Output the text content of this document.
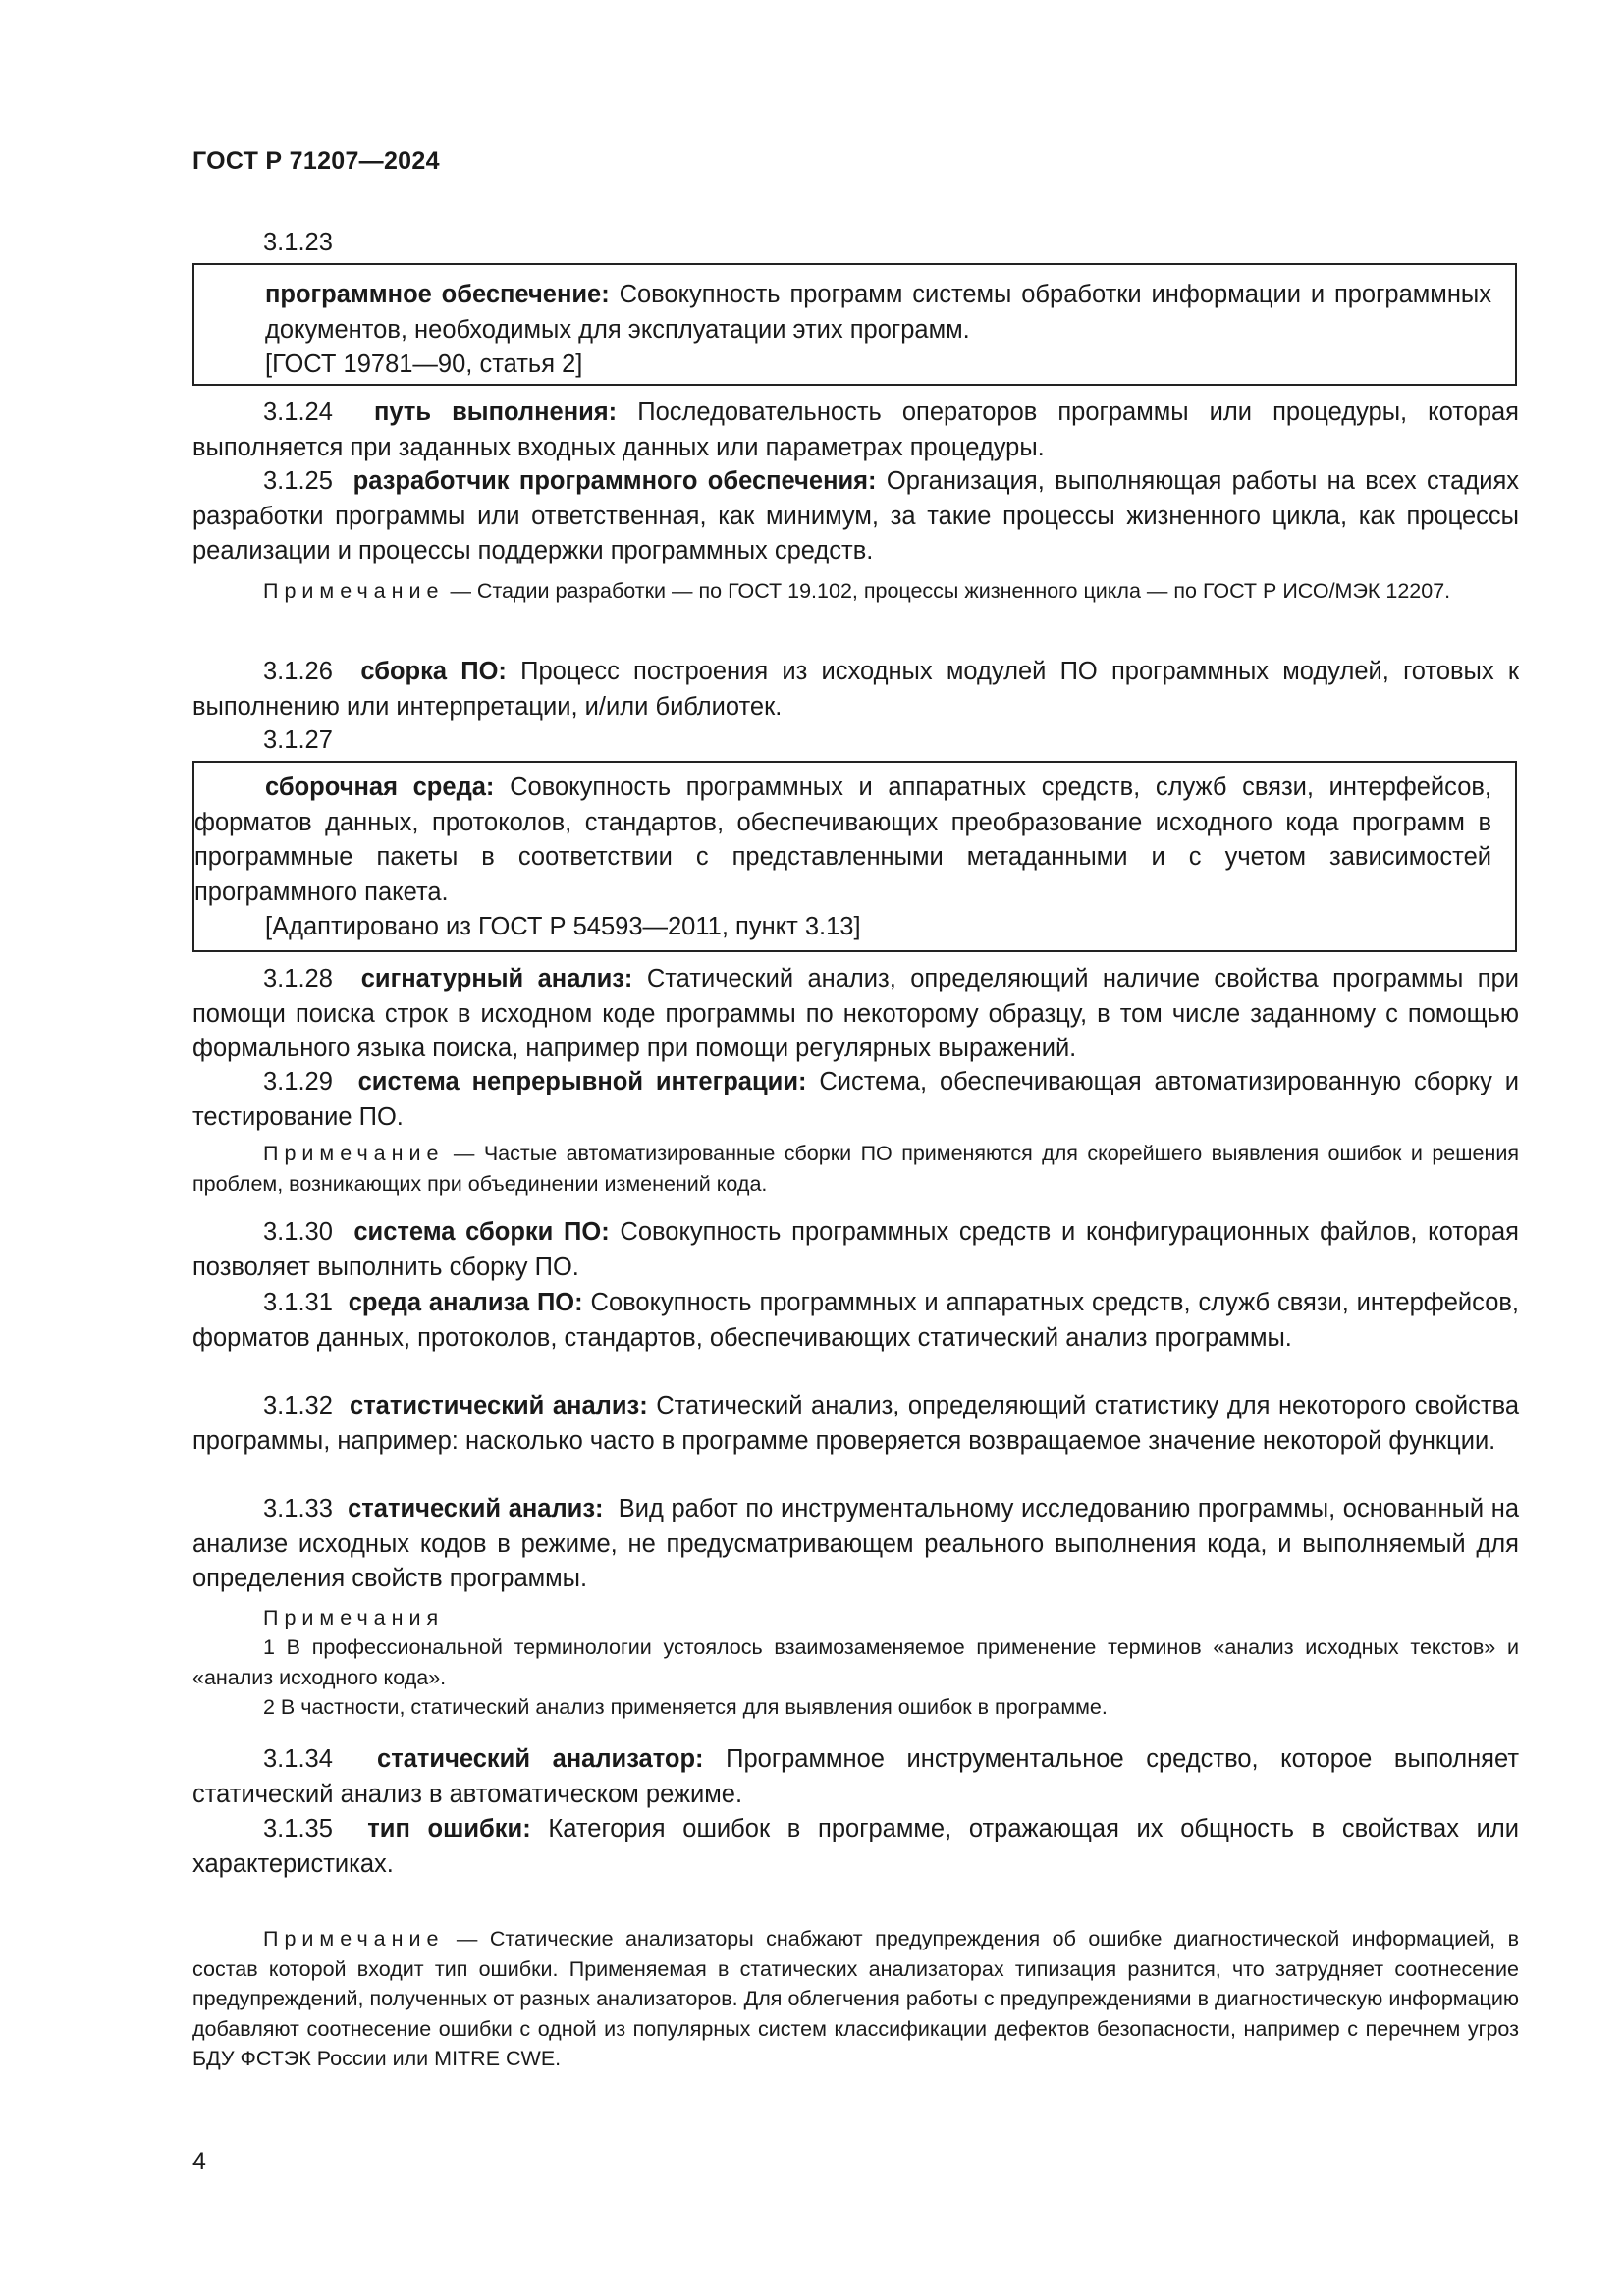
ГОСТ Р 71207—2024
3.1.23
программное обеспечение: Совокупность программ системы обработки информации и программных документов, необходимых для эксплуатации этих программ.
[ГОСТ 19781—90, статья 2]
3.1.24 путь выполнения: Последовательность операторов программы или процедуры, которая выполняется при заданных входных данных или параметрах процедуры.
3.1.25 разработчик программного обеспечения: Организация, выполняющая работы на всех стадиях разработки программы или ответственная, как минимум, за такие процессы жизненного цикла, как процессы реализации и процессы поддержки программных средств.
Примечание — Стадии разработки — по ГОСТ 19.102, процессы жизненного цикла — по ГОСТ Р ИСО/МЭК 12207.
3.1.26 сборка ПО: Процесс построения из исходных модулей ПО программных модулей, готовых к выполнению или интерпретации, и/или библиотек.
3.1.27
сборочная среда: Совокупность программных и аппаратных средств, служб связи, интерфейсов, форматов данных, протоколов, стандартов, обеспечивающих преобразование исходного кода программ в программные пакеты в соответствии с представленными метаданными и с учетом зависимостей программного пакета.
[Адаптировано из ГОСТ Р 54593—2011, пункт 3.13]
3.1.28 сигнатурный анализ: Статический анализ, определяющий наличие свойства программы при помощи поиска строк в исходном коде программы по некоторому образцу, в том числе заданному с помощью формального языка поиска, например при помощи регулярных выражений.
3.1.29 система непрерывной интеграции: Система, обеспечивающая автоматизированную сборку и тестирование ПО.
Примечание — Частые автоматизированные сборки ПО применяются для скорейшего выявления ошибок и решения проблем, возникающих при объединении изменений кода.
3.1.30 система сборки ПО: Совокупность программных средств и конфигурационных файлов, которая позволяет выполнить сборку ПО.
3.1.31 среда анализа ПО: Совокупность программных и аппаратных средств, служб связи, интерфейсов, форматов данных, протоколов, стандартов, обеспечивающих статический анализ программы.
3.1.32 статистический анализ: Статический анализ, определяющий статистику для некоторого свойства программы, например: насколько часто в программе проверяется возвращаемое значение некоторой функции.
3.1.33 статический анализ: Вид работ по инструментальному исследованию программы, основанный на анализе исходных кодов в режиме, не предусматривающем реального выполнения кода, и выполняемый для определения свойств программы.
Примечания
1 В профессиональной терминологии устоялось взаимозаменяемое применение терминов «анализ исходных текстов» и «анализ исходного кода».
2 В частности, статический анализ применяется для выявления ошибок в программе.
3.1.34 статический анализатор: Программное инструментальное средство, которое выполняет статический анализ в автоматическом режиме.
3.1.35 тип ошибки: Категория ошибок в программе, отражающая их общность в свойствах или характеристиках.
Примечание — Статические анализаторы снабжают предупреждения об ошибке диагностической информацией, в состав которой входит тип ошибки. Применяемая в статических анализаторах типизация разнится, что затрудняет соотнесение предупреждений, полученных от разных анализаторов. Для облегчения работы с предупреждениями в диагностическую информацию добавляют соотнесение ошибки с одной из популярных систем классификации дефектов безопасности, например с перечнем угроз БДУ ФСТЭК России или MITRE CWE.
4
